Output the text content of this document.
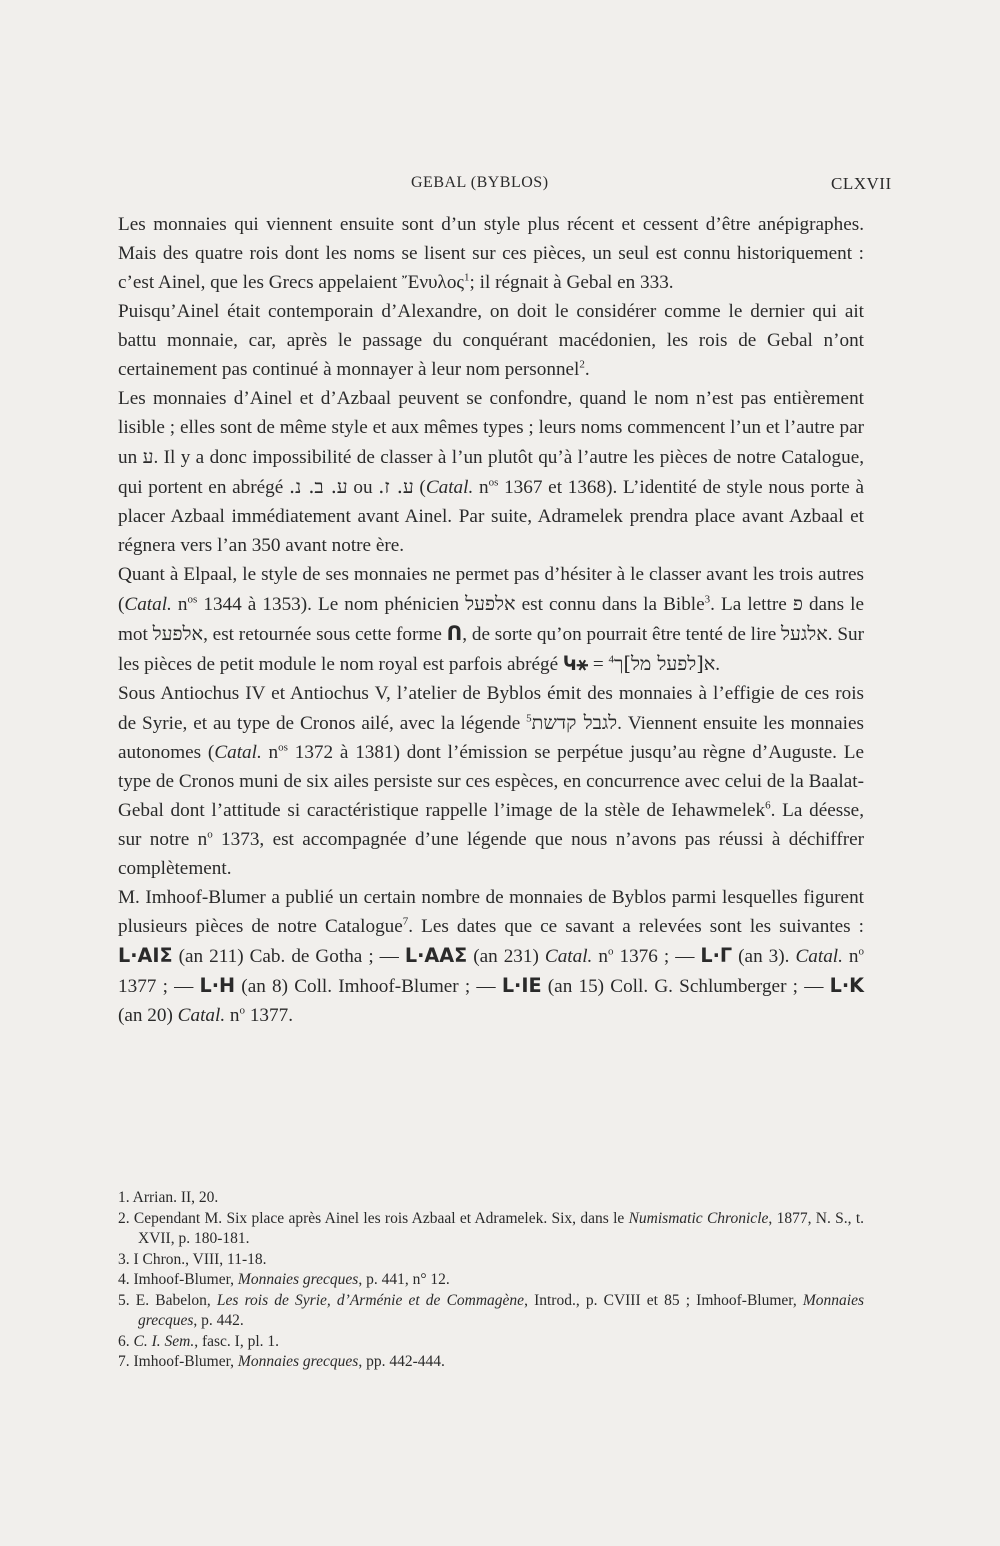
GEBAL (BYBLOS)	CLXVII

Les monnaies qui viennent ensuite sont d’un style plus récent et cessent d’être anépigraphes. Mais des quatre rois dont les noms se lisent sur ces pièces, un seul est connu historiquement : c’est Ainel, que les Grecs appelaient Ἔνυλος$^1$; il régnait à Gebal en 333.

Puisqu’Ainel était contemporain d’Alexandre, on doit le considérer comme le dernier qui ait battu monnaie, car, après le passage du conquérant macédonien, les rois de Gebal n’ont certainement pas continué à monnayer à leur nom personnel$^2$.

Les monnaies d’Ainel et d’Azbaal peuvent se confondre, quand le nom n’est pas entièrement lisible ; elles sont de même style et aux mêmes types ; leurs noms commencent l’un et l’autre par un ע. Il y a donc impossibilité de classer à l’un plutôt qu’à l’autre les pièces de notre Catalogue, qui portent en abrégé ע. ב. נ. ou ע. ז. (Catal. $n^{os}$ 1367 et 1368). L’identité de style nous porte à placer Azbaal immédiatement avant Ainel. Par suite, Adramelek prendra place avant Azbaal et régnera vers l’an 350 avant notre ère.

Quant à Elpaal, le style de ses monnaies ne permet pas d’hésiter à le classer avant les trois autres (Catal. $n^{os}$ 1344 à 1353). Le nom phénicien אלפעל est connu dans la Bible$^3$. La lettre פ dans le mot אלפעל, est retournée sous cette forme ᑎ, de sorte qu’on pourrait être tenté de lire אלגעל. Sur les pièces de petit module le nom royal est parfois abrégé Կ⚹ = א[לפעל מל]ך$^4$	.

Sous Antiochus IV et Antiochus V, l’atelier de Byblos émit des monnaies à l’effigie de ces rois de Syrie, et au type de Cronos ailé, avec la légende לגבל קדשת$^5$	. Viennent ensuite les monnaies autonomes (Catal. $n^{os}$ 1372 à 1381) dont l’émission se perpétue jusqu’au règne d’Auguste. Le type de Cronos muni de six ailes persiste sur ces espèces, en concurrence avec celui de la Baalat-Gebal dont l’attitude si caractéristique rappelle l’image de la stèle de Iehawmelek$^6$. La déesse, sur notre $n^o$ 1373, est accompagnée d’une légende que nous n’avons pas réussi à déchiffrer complètement.

M. Imhoof-Blumer a publié un certain nombre de monnaies de Byblos parmi lesquelles figurent plusieurs pièces de notre Catalogue$^7$. Les dates que ce savant a relevées sont les suivantes : L·AIΣ (an 211) Cab. de Gotha ; — L·AAΣ (an 231) Catal. $n^o$ 1376 ; — L·Γ (an 3). Catal. $n^o$ 1377 ; — L·H (an 8) Coll. Imhoof-Blumer ; — L·IE (an 15) Coll. G. Schlumberger ; — L·K (an 20) Catal. $n^o$ 1377.

1. Arrian. II, 20.

2. Cependant M. Six place après Ainel les rois Azbaal et Adramelek. Six, dans le Numismatic Chronicle, 1877, N. S., t. XVII, p. 180-181.

3. I Chron., VIII, 11-18.

4. Imhoof-Blumer, Monnaies grecques, p. 441, n° 12.

5. E. Babelon, Les rois de Syrie, d’Arménie et de Commagène, Introd., p. CVIII et 85 ; Imhoof-Blumer, Monnaies grecques, p. 442.

6. C. I. Sem., fasc. I, pl. 1.

7. Imhoof-Blumer, Monnaies grecques, pp. 442-444.
